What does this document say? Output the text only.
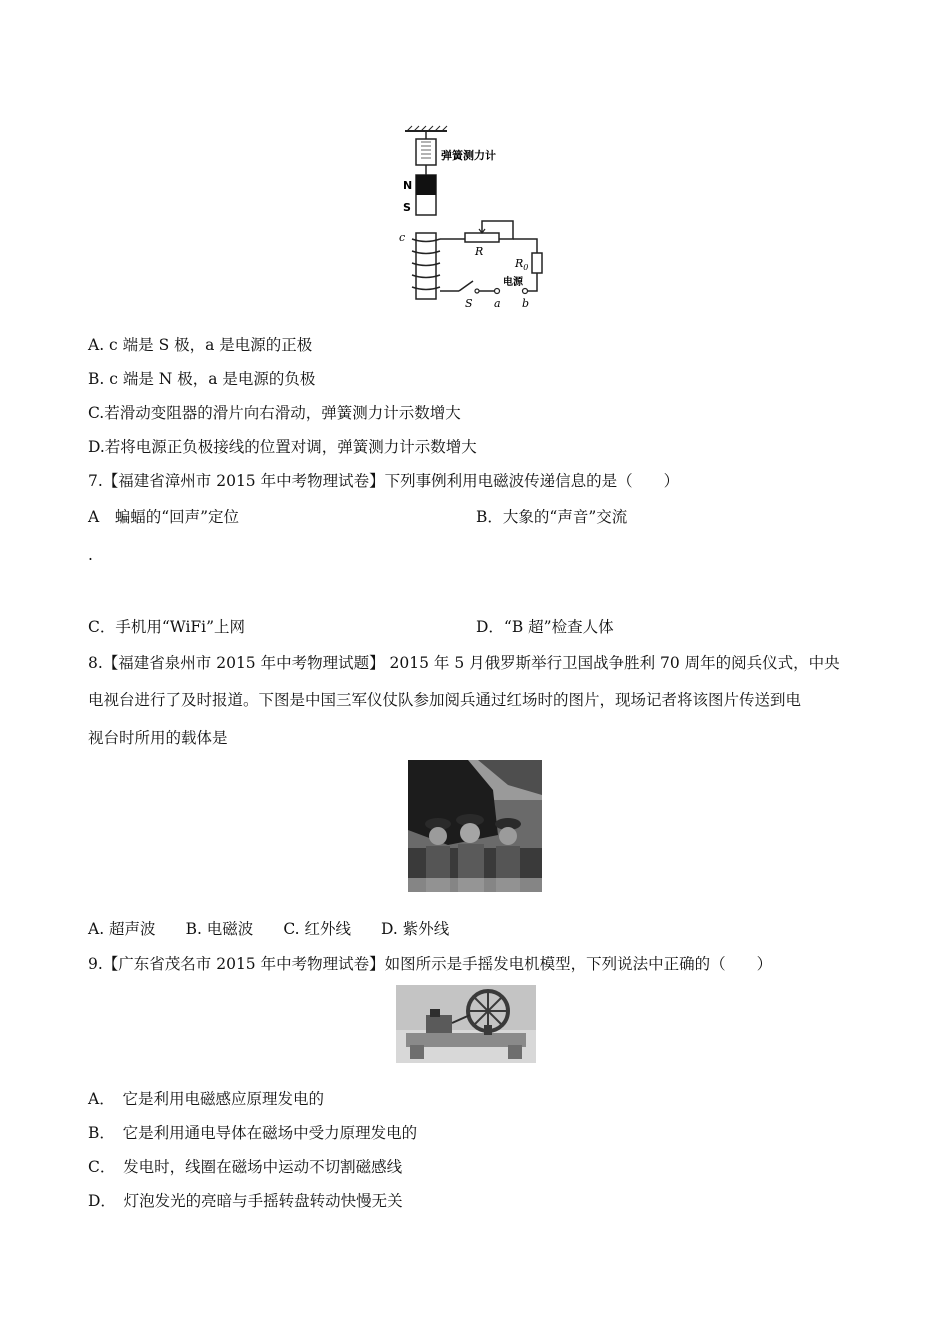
弹簧测力计
N
S
c
R
$R_0$
电源
a b
S
A. c 端是 S 极，a 是电源的正极
B. c 端是 N 极，a 是电源的负极
C.若滑动变阻器的滑片向右滑动，弹簧测力计示数增大
D.若将电源正负极接线的位置对调，弹簧测力计示数增大
7.【福建省漳州市 2015 年中考物理试卷】下列事例利用电磁波传递信息的是（　　）
A　蝙蝠的“回声”定位	B．大象的“声音”交流
.
C．手机用“WiFi”上网	D．“B 超”检查人体
8.【福建省泉州市 2015 年中考物理试题】 2015 年 5 月俄罗斯举行卫国战争胜利 70 周年的阅兵仪式，中央
电视台进行了及时报道。下图是中国三军仪仗队参加阅兵通过红场时的图片，现场记者将该图片传送到电
视台时所用的载体是
A. 超声波 B. 电磁波 C. 红外线 D. 紫外线
9.【广东省茂名市 2015 年中考物理试卷】如图所示是手摇发电机模型，下列说法中正确的（　　）
A．　它是利用电磁感应原理发电的
B．　它是利用通电导体在磁场中受力原理发电的
C．　发电时，线圈在磁场中运动不切割磁感线
D．　灯泡发光的亮暗与手摇转盘转动快慢无关
